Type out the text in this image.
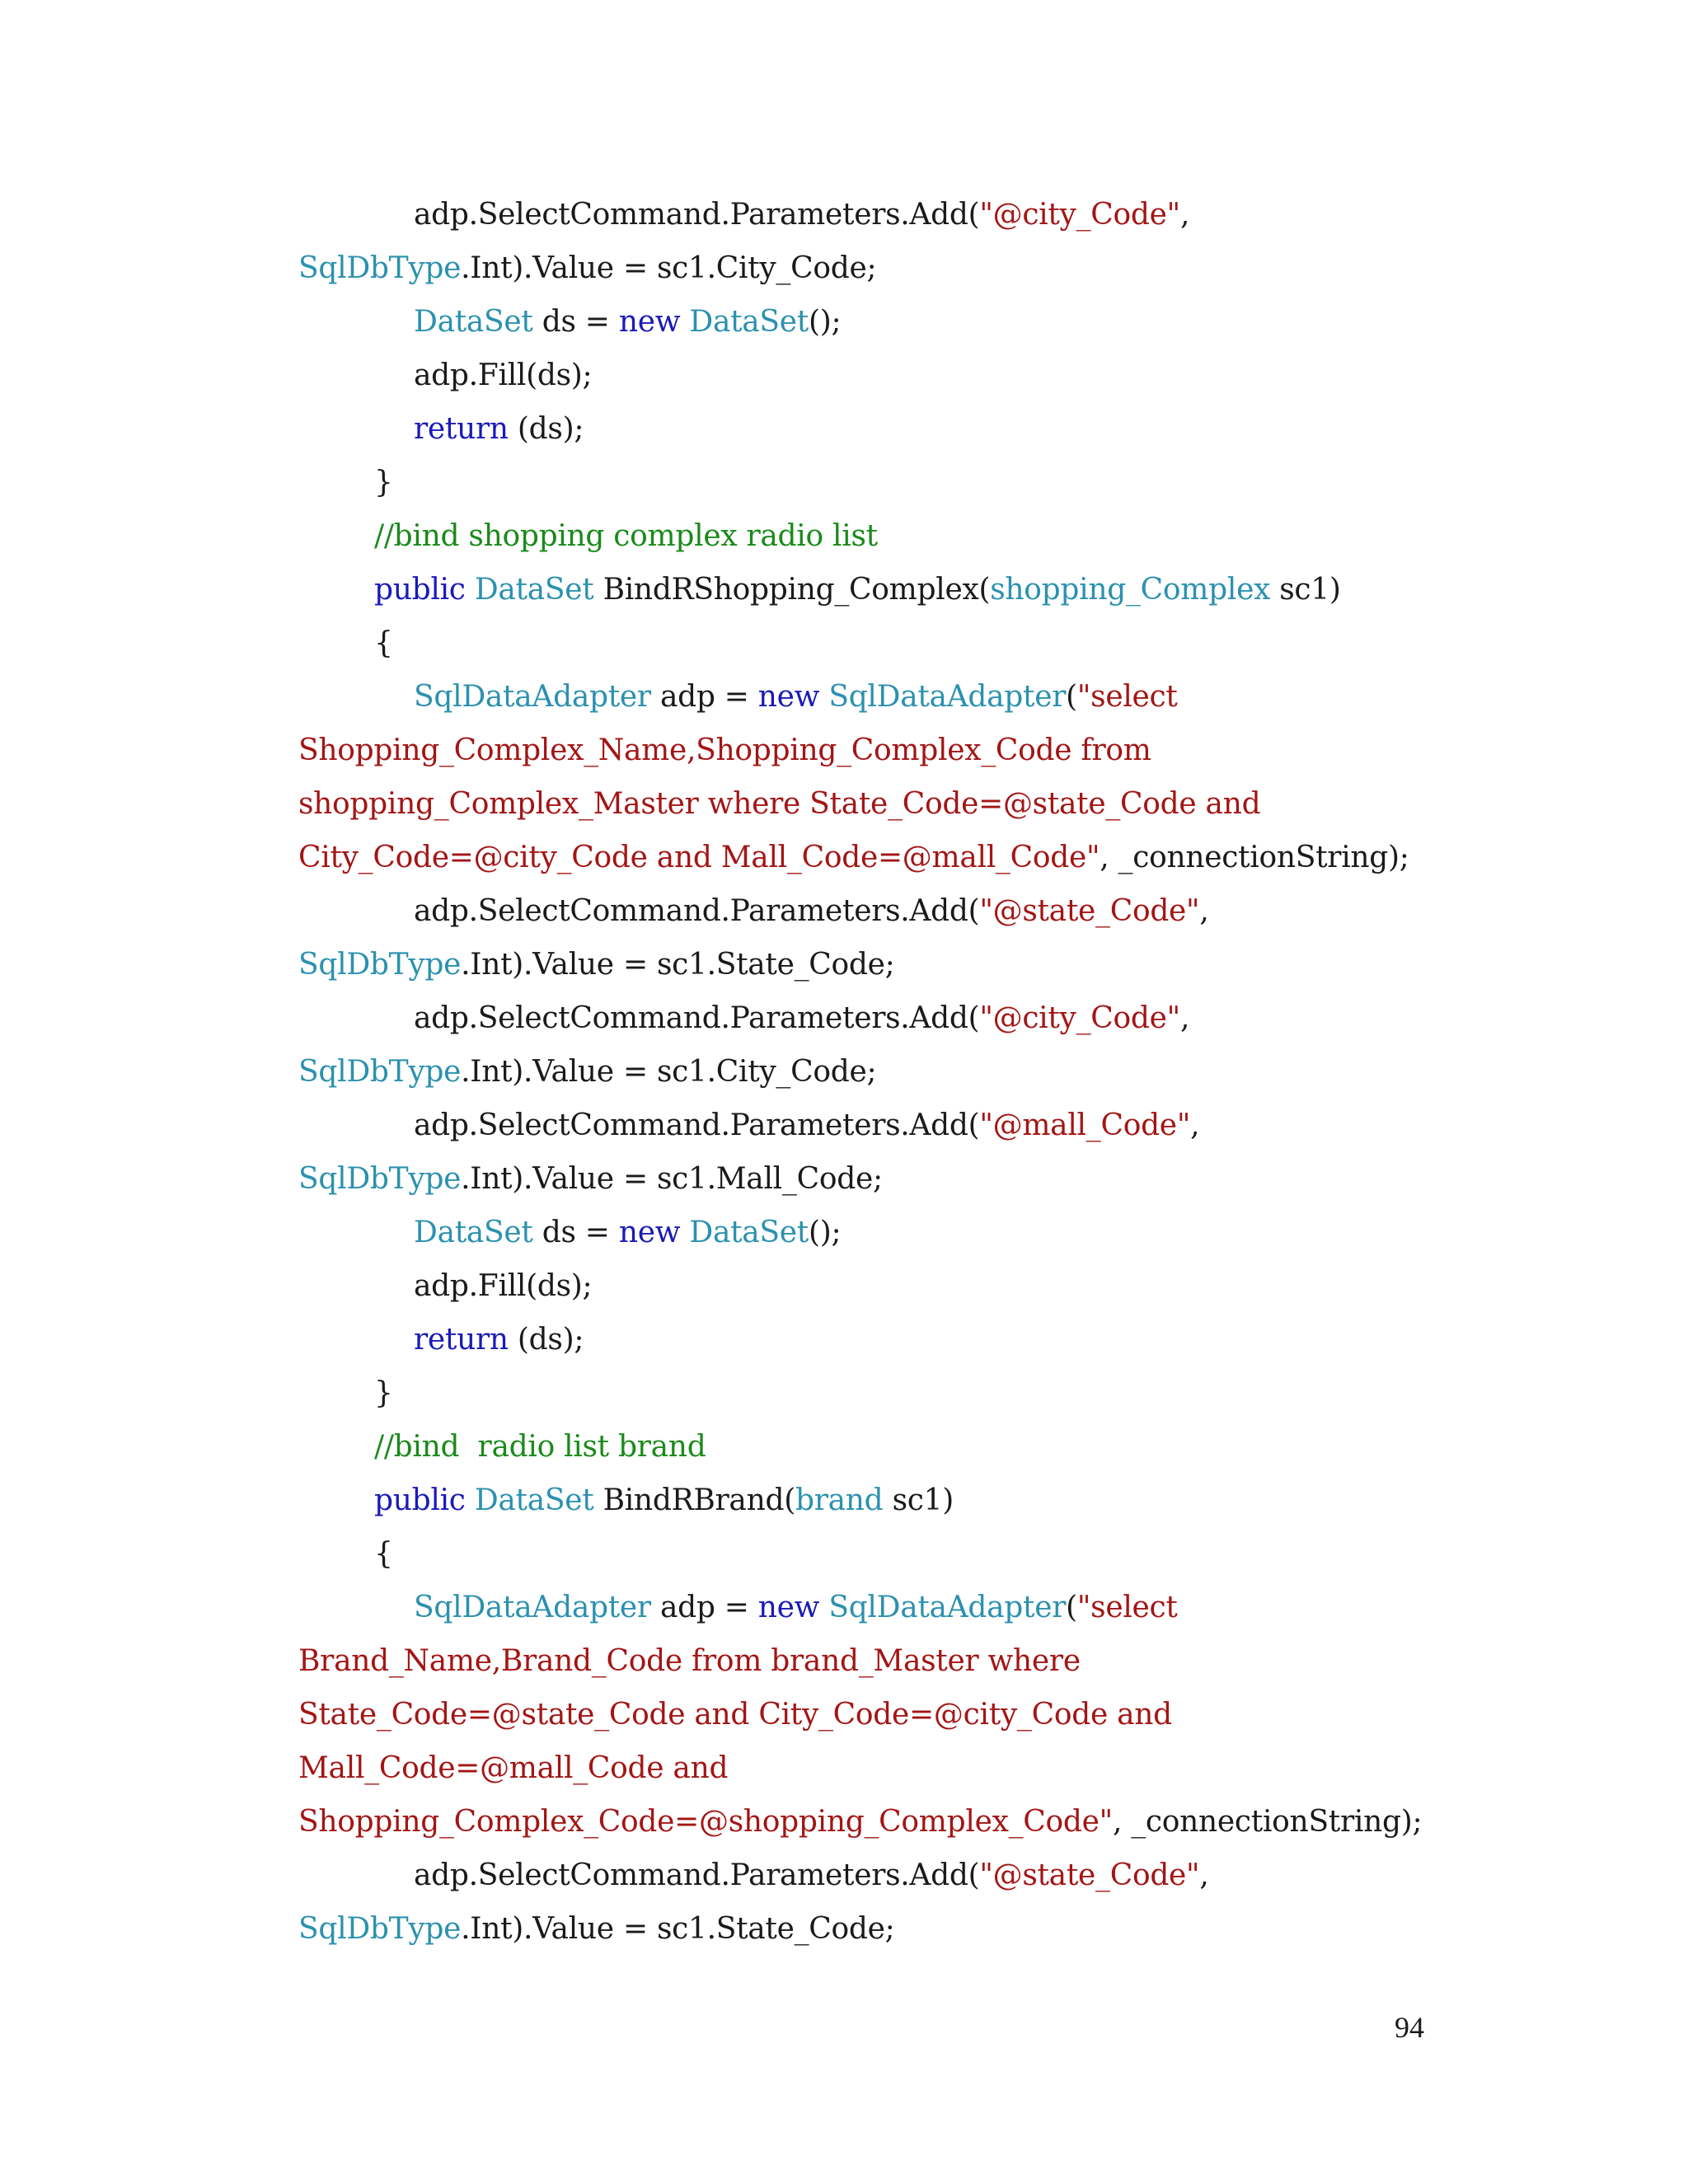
adp.SelectCommand.Parameters.Add("@city_Code",
SqlDbType.Int).Value = sc1.City_Code;
DataSet ds = new DataSet();
adp.Fill(ds);
return (ds);
}
//bind shopping complex radio list
public DataSet BindRShopping_Complex(shopping_Complex sc1)
{
SqlDataAdapter adp = new SqlDataAdapter("select
Shopping_Complex_Name,Shopping_Complex_Code from
shopping_Complex_Master where State_Code=@state_Code and
City_Code=@city_Code and Mall_Code=@mall_Code", _connectionString);
adp.SelectCommand.Parameters.Add("@state_Code",
SqlDbType.Int).Value = sc1.State_Code;
adp.SelectCommand.Parameters.Add("@city_Code",
SqlDbType.Int).Value = sc1.City_Code;
adp.SelectCommand.Parameters.Add("@mall_Code",
SqlDbType.Int).Value = sc1.Mall_Code;
DataSet ds = new DataSet();
adp.Fill(ds);
return (ds);
}
//bind  radio list brand
public DataSet BindRBrand(brand sc1)
{
SqlDataAdapter adp = new SqlDataAdapter("select
Brand_Name,Brand_Code from brand_Master where
State_Code=@state_Code and City_Code=@city_Code and
Mall_Code=@mall_Code and
Shopping_Complex_Code=@shopping_Complex_Code", _connectionString);
adp.SelectCommand.Parameters.Add("@state_Code",
SqlDbType.Int).Value = sc1.State_Code;
94
